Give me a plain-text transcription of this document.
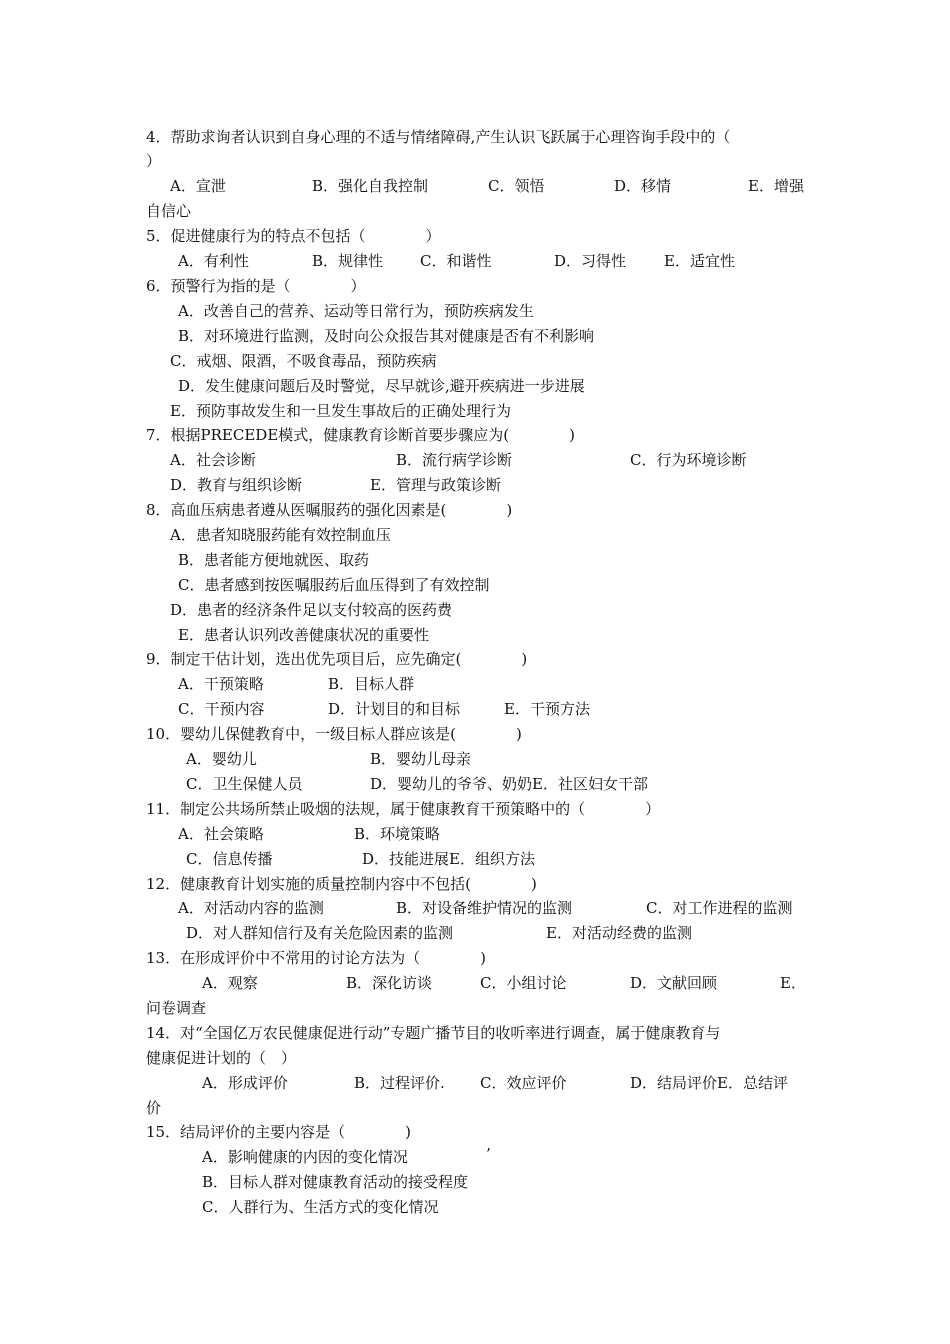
4．帮助求询者认识到自身心理的不适与情绪障碍,产生认识飞跃属于心理咨询手段中的（
）
A．宣泄	B．强化自我控制	C．领悟	D．移情	E．增强
自信心
5．促进健康行为的特点不包括（　　　　）
A．有利性	B．规律性 C．和谐性	D．习得性	E．适宜性
6．预警行为指的是（　　　　）
A．改善自己的营养、运动等日常行为，预防疾病发生
B．对环境进行监测，及时向公众报告其对健康是否有不利影响
C．戒烟、限酒，不吸食毒品，预防疾病
D．发生健康问题后及时警觉，尽早就诊,避开疾病进一步进展
E．预防事故发生和一旦发生事故后的正确处理行为
7．根据PRECEDE模式，健康教育诊断首要步骤应为(　　　　)
A．社会诊断	B．流行病学诊断	C．行为环境诊断
D．教育与组织诊断	E．管理与政策诊断
8．高血压病患者遵从医嘱服药的强化因素是(　　　　)
A．患者知晓服药能有效控制血压
B．患者能方便地就医、取药
C．患者感到按医嘱服药后血压得到了有效控制
D．患者的经济条件足以支付较高的医药费
E．患者认识列改善健康状况的重要性
9．制定干估计划，选出优先项目后，应先确定(　　　　)
A．干预策略	B．目标人群
C．干预内容	D．计划目的和目标	E．干预方法
10．婴幼儿保健教育中，一级目标人群应该是(　　　　)
A．婴幼儿	B．婴幼儿母亲
C．卫生保健人员	D．婴幼儿的爷爷、奶奶E．社区妇女干部
11．制定公共场所禁止吸烟的法规，属于健康教育干预策略中的（　　　　）
A．社会策略	B．环境策略
C．信息传播	D．技能进展E．组织方法
12．健康教育计划实施的质量控制内容中不包括(　　　　)
A．对活动内容的监测	B．对设备维护情况的监测	C．对工作进程的监测
D．对人群知信行及有关危险因素的监测	E．对活动经费的监测
13．在形成评价中不常用的讨论方法为（　　　　)
A．观察	B．深化访谈	C．小组讨论	D．文献回顾	E．
问卷调查
14．对“全国亿万农民健康促进行动”专题广播节目的收听率进行调查，属于健康教育与
健康促进计划的（　）
A．形成评价	B．过程评价. C．效应评价	D．结局评价E．总结评
价
15．结局评价的主要内容是（　　　　)
A．影响健康的内因的变化情况	’
B．目标人群对健康教育活动的接受程度
C．人群行为、生活方式的变化情况
